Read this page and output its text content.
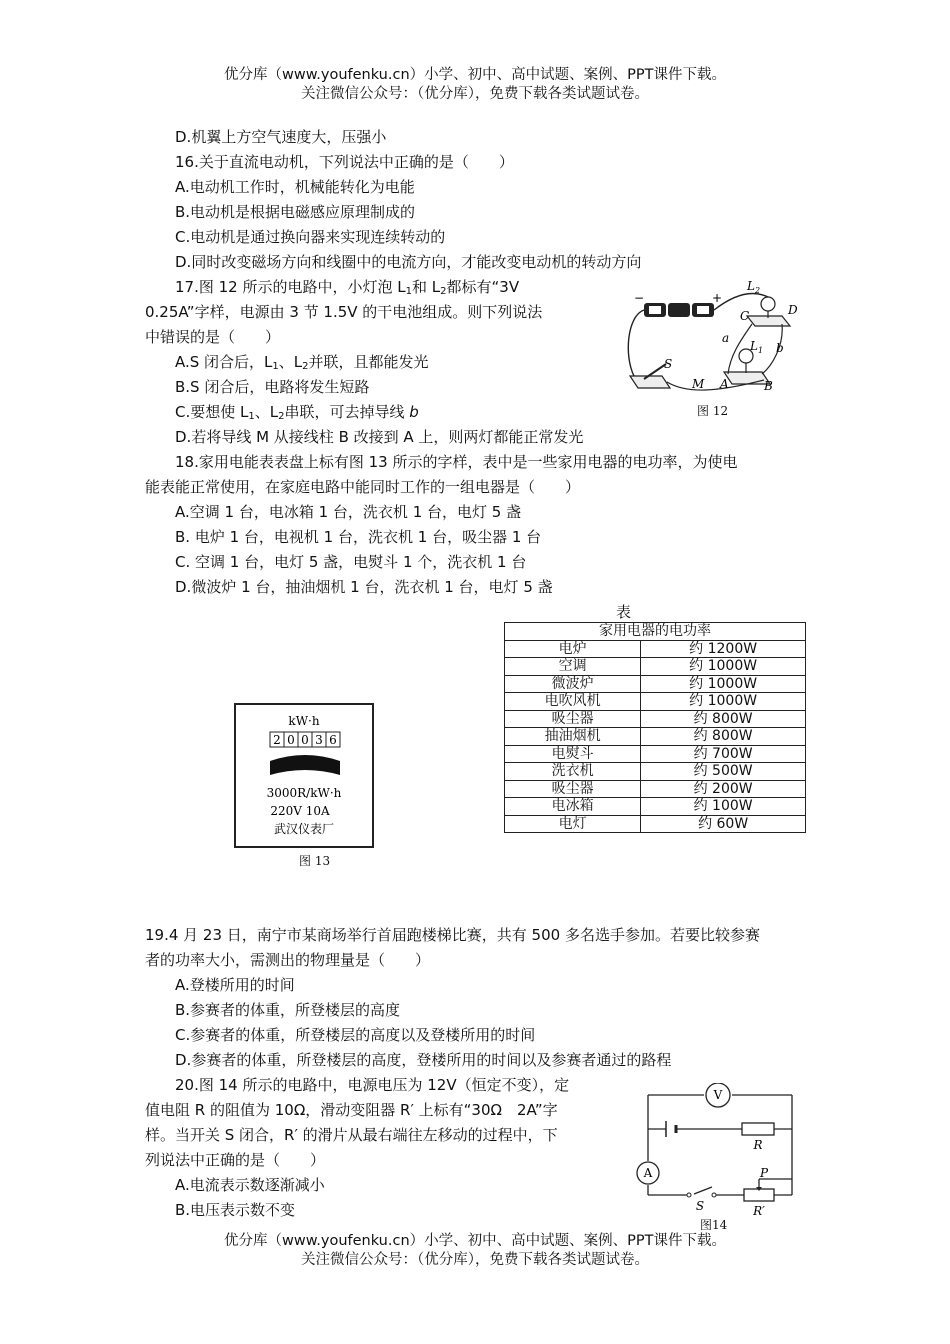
优分库（www.youfenku.cn）小学、初中、高中试题、案例、PPT课件下载。
关注微信公众号：（优分库），免费下载各类试题试卷。
D.机翼上方空气速度大，压强小
16.关于直流电动机，下列说法中正确的是（　　）
A.电动机工作时，机械能转化为电能
B.电动机是根据电磁感应原理制成的
C.电动机是通过换向器来实现连续转动的
D.同时改变磁场方向和线圈中的电流方向，才能改变电动机的转动方向
17.图 12 所示的电路中，小灯泡 $L_1$和 $L_2$都标有“3V
0.25A”字样，电源由 3 节 1.5V 的干电池组成。则下列说法
中错误的是（　　）
A.S 闭合后，$L_1$、$L_2$并联，且都能发光
B.S 闭合后，电路将发生短路
C.要想使 $L_1$、$L_2$串联，可去掉导线 b
D.若将导线 M 从接线柱 B 改接到 A 上，则两灯都能正常发光
−	+
L 2
C	D
a
b
L 1
S
M A	B
图 12
18.家用电能表表盘上标有图 13 所示的字样，表中是一些家用电器的电功率，为使电
能表能正常使用，在家庭电路中能同时工作的一组电器是（　　）
A.空调 1 台，电冰箱 1 台，洗衣机 1 台，电灯 5 盏
B. 电炉 1 台，电视机 1 台，洗衣机 1 台，吸尘器 1 台
C. 空调 1 台，电灯 5 盏，电熨斗 1 个，洗衣机 1 台
D.微波炉 1 台，抽油烟机 1 台，洗衣机 1 台，电灯 5 盏
表
家用电器的电功率	
电炉	约 1200W
空调	约 1000W
微波炉	约 1000W
电吹风机	约 1000W
吸尘器	约 800W
抽油烟机	约 800W
电熨斗	约 700W
洗衣机	约 500W
吸尘器	约 200W
电冰箱	约 100W
电灯	约 60W
kW·h
2 0 0 3 6
3000R/kW·h
220V 10A
武汉仪表厂
图 13
19.4 月 23 日，南宁市某商场举行首届跑楼梯比赛，共有 500 多名选手参加。若要比较参赛
者的功率大小，需测出的物理量是（　　）
A.登楼所用的时间
B.参赛者的体重，所登楼层的高度
C.参赛者的体重，所登楼层的高度以及登楼所用的时间
D.参赛者的体重，所登楼层的高度，登楼所用的时间以及参赛者通过的路程
20.图 14 所示的电路中，电源电压为 12V（恒定不变），定
值电阻 R 的阻值为 10Ω，滑动变阻器 R′ 上标有“30Ω　2A”字
样。当开关 S 闭合，R′ 的滑片从最右端往左移动的过程中，下
列说法中正确的是（　　）
A.电流表示数逐渐减小
B.电压表示数不变
V
A
R
P
S	R′
图14
优分库（www.youfenku.cn）小学、初中、高中试题、案例、PPT课件下载。
关注微信公众号：（优分库），免费下载各类试题试卷。
